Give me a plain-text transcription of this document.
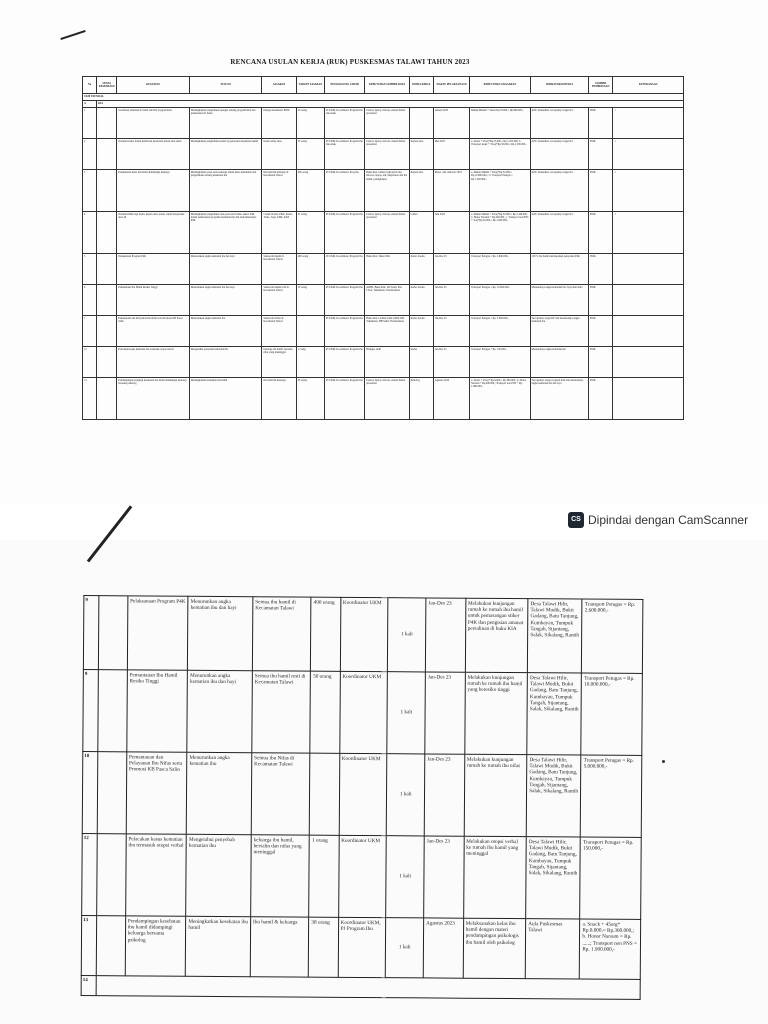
RENCANA USULAN KERJA (RUK) PUSKESMAS TALAWI TAHUN 2023
No	UPAYA KESEHATAN	KEGIATAN	TUJUAN	SASARAN	TARGET SASARAN	PENANGGUNG JAWAB	KEBUTUHAN SUMBER DAYA	MITRA KERJA	WAKTU PELAKSANAAN	KEBUTUHAN ANGGARAN	INDIKATOR KINERJA	SUMBER PEMBIAYAAN	KETERANGAN
UKM ESENSIAL													
A	KIA												
1		Sosialisasi Orientasi K Sehat dan DO program KIA	Meningkatkan pengetahuan petugas tentang program KIA dan pelaksanaan K Sehat	Petugas kesehatan/ PKM	20 orang	PJ UKM, Koordinator Program Ibu dan Anak	Jadwal, laptop, infocus, materi/bahan presentasi		Januari 2023	Makan Minum + Snack Rp.32.000,= Rp.960.000,-	ANC berkualitas, tercapainya target K4	BOK	✓
2		Orientasi kader dalam kemitraan kesehatan terkait usia subur	Meningkatkan pengetahuan kader ttg pelayanan kesehatan bumil	Kader setiap desa	33 orang	PJ UKM, Koordinator Program Ibu dan Anak	Jadwal, laptop, infocus, materi/bahan presentasi	Kepala desa	Mei 2023	a. Snack + 45org*Rp.25.000,= Rp.1.025.000; b. Transport kader + 35org*Rp.50.000,= Rp.1.500.000,-	ANC berkualitas, tercapainya target K4	BOK	✓
3		Pelaksanaan kelas ibu hamil didampingi keluarga	Meningkatkan peran serta keluarga dalam masa kehamilan dan pengetahuan tentang kesehatan ibu	Ibu hamil & keluarga di Kecamatan Talawi	400 orang	PJ UKM, Koordinator Prog Ibu	Buku KIA, lembar balik kelas ibu, infocus, laptop, atk, Meja/kursi dan ibu hamil, pelengkapan	Kepala desa	Maret, Juli, Oktober 2023	a. Makan Minum + 40org*Rp.32.000,= Rp.12.800.000,-; b. Transport Petugas = Rp.7.200.000,-	ANC berkualitas, tercapainya target K4	BOK	✓
4		Orientasi P4K bagi kader, kepala desa, kader, tokoh masyarakat desa 40	Meningkatkan pengetahuan dan peran serta lintas sektor P4K dalam pelaksanaan program kesehatan ibu dan anak khususnya P4K	Camat, Kades, PKK, Kader, Toma, Toga, LPM, KAN	45 orang	PJ UKM, Koordinator Program Ibu	Jadwal, laptop, infocus, materi/bahan presentasi	Camat	Juni 2023	a. Makan Minum + 45org*Rp.32.000,= Rp.1.440.000; b. Honor Narsum + Rp.400.000,; c. Transport non PNS + 3org*Rp.50.000,= Rp.1.800.000,-	ANC berkualitas, tercapainya target K4	BOK	✓
5		Pelaksanaan Program P4K	Menurunkan angka kematian ibu dan bayi	Semua ibu hamil di Kecamatan Talawi	490 orang	PJ UKM, Koordinator Program Ibu	Buku KIA, Stiker P4K	Kader, Kades	Jan-Des 23	Transport Petugas = Rp. 2.600.000,-	100 % ibu hamil mendapatkan pelayanan P4K	BOK	
6		Pemantauan Ibu Hamil Resiko Tinggi	Menurunkan angka kematian ibu dan bayi	Semua ibu hamil resti di Kecamatan Talawi	50 orang	PJ UKM, Koordinator Program Ibu	ADPK, Buku KIA, ISI Salah, Pita LILA, Tensimeter, Thermometer	Kader, Kades	Jan-Des 23	Transport Petugas = Rp. 10.000.000,-	Menurunnya angka kematian ibu, bayi dan balita	BOK	
7		Pemantauan dan Pelayanan Ibu Nifas serta Promosi KB Pasca Salin	Menurunkan angka kematian ibu	Semua ibu Nifas di Kecamatan Talawi		PJ UKM, Koordinator Program Ibu	Buku KIA, Lembar balik ASPK KB, Tensimeter, HB Sahli, Thermometer	Kader, Kades	Jan-Des 23	Transport Petugas = Rp. 5.000.000,-	Tercapainya target KF dan menurunnya angka kematian ibu	BOK	
12		Pelacakan kasus kematian ibu termasuk otopsi verbal	Mengetahui penyebab kematian ibu	keluarga ibu hamil, bersalin, nifas yang meninggal	1 orang	PJ UKM, Koordinator Program Ibu	Blangko audit	Kades	Jan-Des 23	Transport Petugas + Rp. 150.000,-	Menurunnya angka kematian ibu	BOK	
13		Pendampingan pengkaji kesehatan ibu hamil didampingi keluarga bersama psikolog	Meningkatkan kesehatan ibu hamil	Ibu hamil & keluarga	38 orang	PJ UKM, Koordinator Program Ibu	Jadwal, laptop, infocus, materi/bahan presentasi	Psikolog	Agustus 2023	a. Snack + 45org* Rp.8.000,= Rp.360.000,; b. Honor Narsum + Rp.400.000,; Transport non PNS + Rp. 1.900.000,-	Tercapainya target program KIA dan menurunnya angka kematian ibu dan bayi	BOK	
CS Dipindai dengan CamScanner
9		Pelaksanaan Program P4K	Menurunkan angka kematian ibu dan bayi	Semua ibu hamil di Kecamatan Talawi	490 orang	Koordinator UKM	1 kali	Jan-Des 23	Melakukan kunjungan rumah ke rumah ibu hamil untuk pemasangan stiker P4K dan pengisian amanat persalinan di buku KIA	Desa Talawi Hilir, Talawi Mudik, Bukit Gadang, Batu Tanjung, Kumbayau, Tumpuk Tangah, Sijantang, Salak, Sikalang, Rantih	Transport Petugas = Rp. 2.600.000,-
9		Pemantauan Ibu Hamil Resiko Tinggi	Menurunkan angka kematian ibu dan bayi	Semua ibu hamil resti di Kecamatan Talawi	50 orang	Koordinator UKM	1 kali	Jan-Des 23	Melakukan kunjungan rumah ke rumah ibu hamil yang beresiko tinggi	Desa Talawi Hilir, Talawi Mudik, Bukit Gadang, Batu Tanjung, Kumbayau, Tumpuk Tangah, Sijantang, Salak, Sikalang, Rantih	Transport Petugas = Rp. 10.000.000,-
10		Pemantauan dan Pelayanan Ibu Nifas serta Promosi KB Pasca Salin	Menurunkan angka kematian ibu	Semua ibu Nifas di Kecamatan Talawi		Koordinator UKM	1 kali	Jan-Des 23	Melakukan kunjungan rumah ke rumah ibu nifas	Desa Talawi Hilir, Talawi Mudik, Bukit Gadang, Batu Tanjung, Kumbayau, Tumpuk Tangah, Sijantang, Salak, Sikalang, Rantih	Transport Petugas = Rp. 5.000.000,-
12		Pelacakan kasus kematian ibu termasuk otopsi verbal	Mengetahui penyebab kematian ibu	keluarga ibu hamil, bersalin dan nifas yang meninggal	1 orang	Koordinator UKM	1 kali	Jan-Des 23	Melakukan otopsi verbal ke rumah ibu hamil yang meninggal	Desa Talawi Hilir, Talawi Mudik, Bukit Gadang, Batu Tanjung, Kumbayau, Tumpuk Tangah, Sijantang, Salak, Sikalang, Rantih	Transport Petugas = Rp. 150.000,-
13		Pendampingan kesehatan ibu hamil didampingi keluarga bersama psikolog	Meningkatkan kesehatan ibu hamil	Ibu hamil & keluarga	38 orang	Koordinator UKM, PJ Program Ibu	1 kali	Agustus 2023	Melaksanakan kelas ibu hamil dengan materi pendampingan psikologis ibu hamil oleh psikolog	Aula Puskesmas Talawi	a. Snack + 45org* Rp.8.000,= Rp.360.000,; b. Honor Narsum = Rp. ......; Transport non PNS = Rp. 1.900.000,-
14											
